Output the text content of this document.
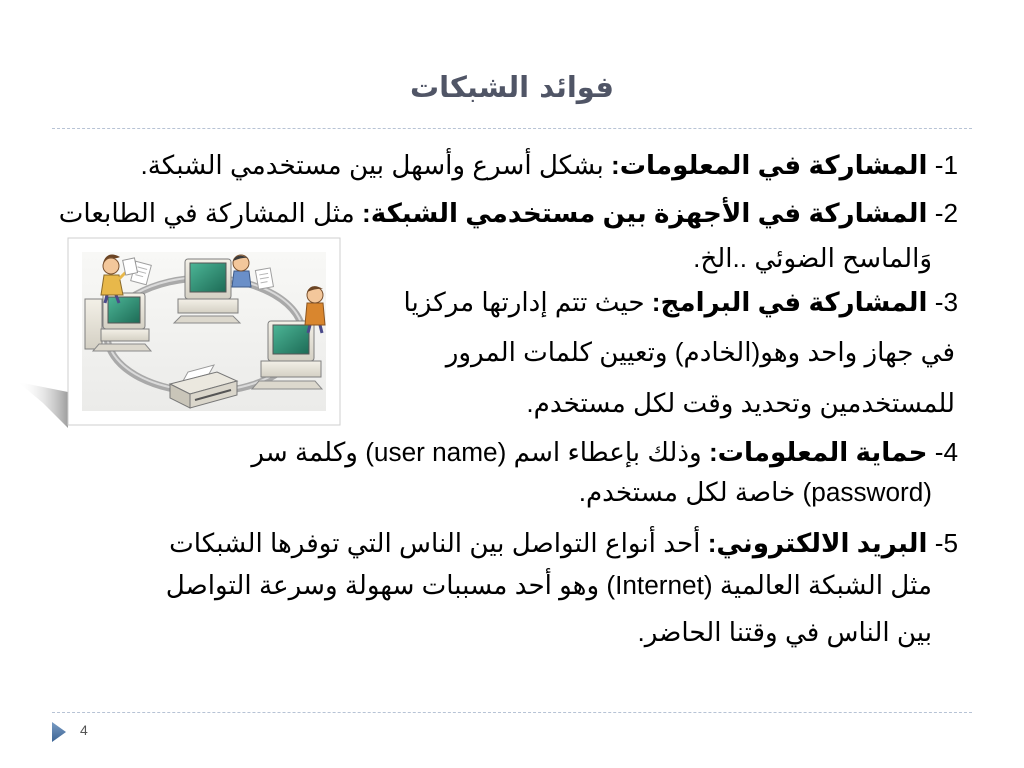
فوائد الشبكات
1- المشاركة في المعلومات: بشكل أسرع وأسهل بين مستخدمي الشبكة.
2- المشاركة في الأجهزة بين مستخدمي الشبكة: مثل المشاركة في الطابعات
وَالماسح الضوئي ..الخ.
3- المشاركة في البرامج: حيث تتم إدارتها مركزيا
في جهاز واحد وهو(الخادم) وتعيين كلمات المرور
للمستخدمين وتحديد وقت لكل مستخدم.
4- حماية المعلومات: وذلك بإعطاء اسم (user name) وكلمة سر
(password) خاصة لكل مستخدم.
5- البريد الالكتروني: أحد أنواع التواصل بين الناس التي توفرها الشبكات
مثل الشبكة العالمية (Internet) وهو أحد مسببات سهولة وسرعة التواصل
بين الناس في وقتنا الحاضر.
4
